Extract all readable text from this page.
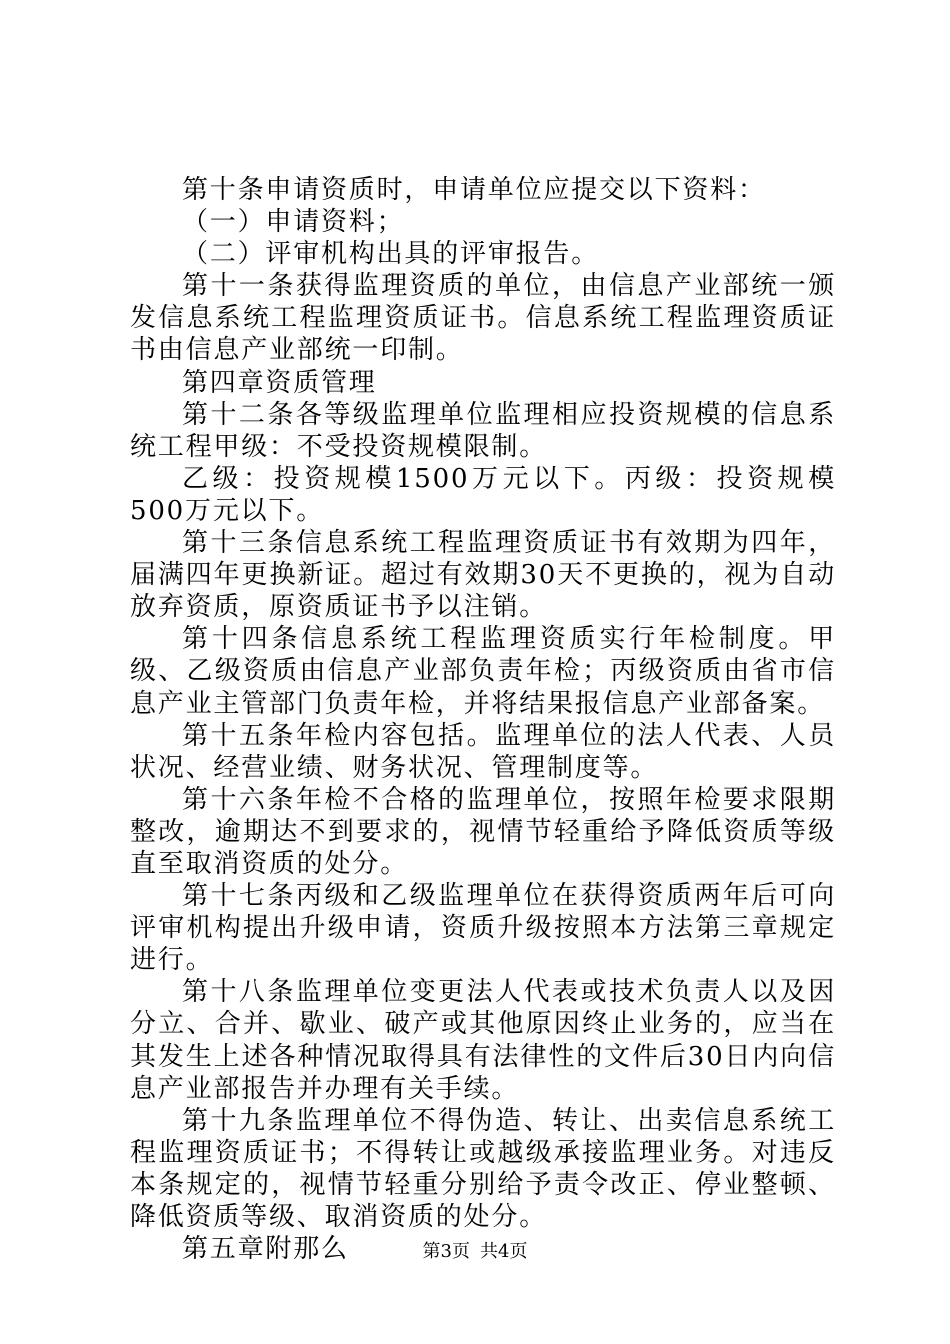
第十条申请资质时，申请单位应提交以下资料：

（一）申请资料；

（二）评审机构出具的评审报告。

第十一条获得监理资质的单位，由信息产业部统一颁发信息系统工程监理资质证书。信息系统工程监理资质证书由信息产业部统一印制。

第四章资质管理

第十二条各等级监理单位监理相应投资规模的信息系统工程甲级：不受投资规模限制。

乙级：投资规模1500万元以下。丙级：投资规模500万元以下。

第十三条信息系统工程监理资质证书有效期为四年，届满四年更换新证。超过有效期30天不更换的，视为自动放弃资质，原资质证书予以注销。

第十四条信息系统工程监理资质实行年检制度。甲级、乙级资质由信息产业部负责年检；丙级资质由省市信息产业主管部门负责年检，并将结果报信息产业部备案。

第十五条年检内容包括。监理单位的法人代表、人员状况、经营业绩、财务状况、管理制度等。

第十六条年检不合格的监理单位，按照年检要求限期整改，逾期达不到要求的，视情节轻重给予降低资质等级直至取消资质的处分。

第十七条丙级和乙级监理单位在获得资质两年后可向评审机构提出升级申请，资质升级按照本方法第三章规定进行。

第十八条监理单位变更法人代表或技术负责人以及因分立、合并、歇业、破产或其他原因终止业务的，应当在其发生上述各种情况取得具有法律性的文件后30日内向信息产业部报告并办理有关手续。

第十九条监理单位不得伪造、转让、出卖信息系统工程监理资质证书；不得转让或越级承接监理业务。对违反本条规定的，视情节轻重分别给予责令改正、停业整顿、降低资质等级、取消资质的处分。

第五章附那么	第3页 共4页
